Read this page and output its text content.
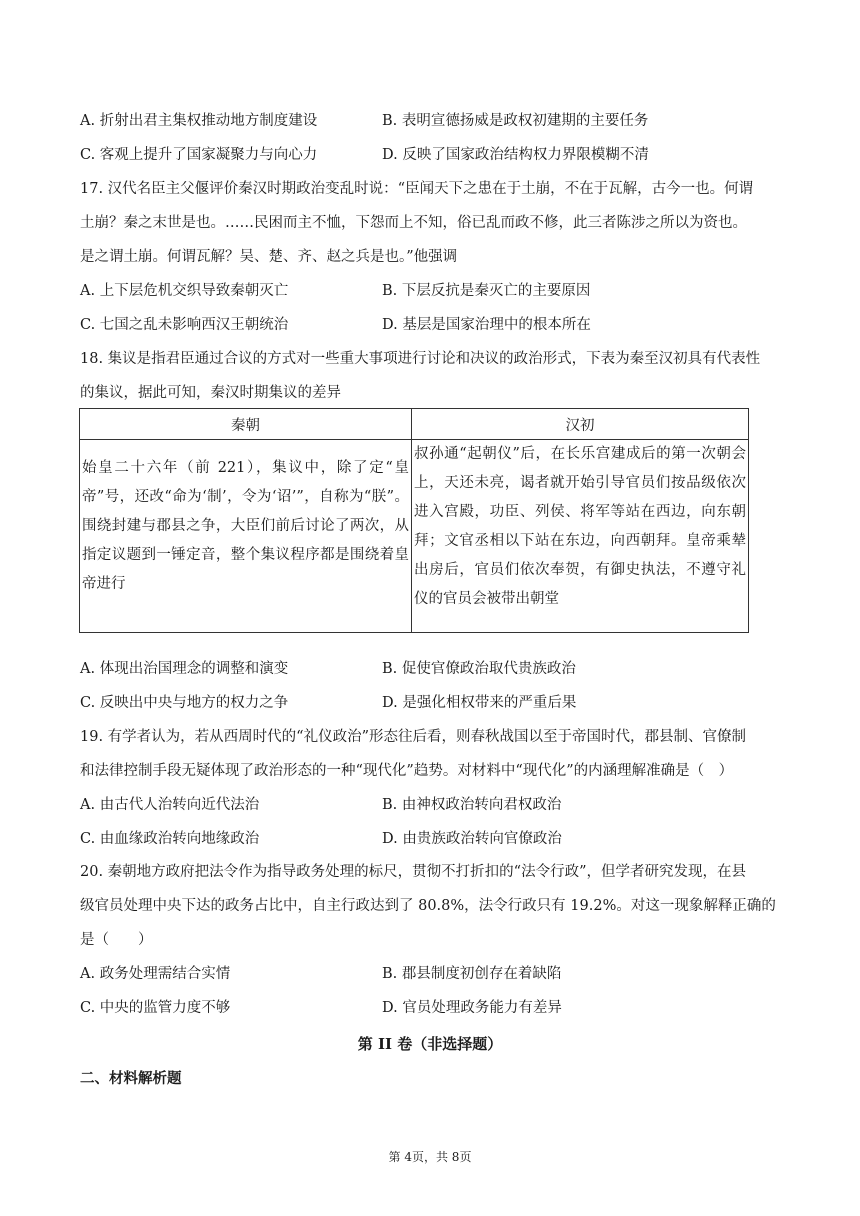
A. 折射出君主集权推动地方制度建设	B. 表明宣德扬威是政权初建期的主要任务
C. 客观上提升了国家凝聚力与向心力	D. 反映了国家政治结构权力界限模糊不清
17. 汉代名臣主父偃评价秦汉时期政治变乱时说：“臣闻天下之患在于土崩，不在于瓦解，古今一也。何谓
土崩？秦之末世是也。……民困而主不恤，下怨而上不知，俗已乱而政不修，此三者陈涉之所以为资也。
是之谓土崩。何谓瓦解？吴、楚、齐、赵之兵是也。”他强调
A. 上下层危机交织导致秦朝灭亡	B. 下层反抗是秦灭亡的主要原因
C. 七国之乱未影响西汉王朝统治	D. 基层是国家治理中的根本所在
18. 集议是指君臣通过合议的方式对一些重大事项进行讨论和决议的政治形式，下表为秦至汉初具有代表性
的集议，据此可知，秦汉时期集议的差异
秦朝	汉初
始皇二十六年（前 221），集议中，除了定“皇帝”号，还改“命为‘制’，令为‘诏’”，自称为“朕”。围绕封建与郡县之争，大臣们前后讨论了两次，从指定议题到一锤定音，整个集议程序都是围绕着皇帝进行	叔孙通“起朝仪”后，在长乐宫建成后的第一次朝会上，天还未亮，谒者就开始引导官员们按品级依次进入宫殿，功臣、列侯、将军等站在西边，向东朝拜；文官丞相以下站在东边，向西朝拜。皇帝乘辇出房后，官员们依次奉贺，有御史执法，不遵守礼仪的官员会被带出朝堂
A. 体现出治国理念的调整和演变	B. 促使官僚政治取代贵族政治
C. 反映出中央与地方的权力之争	D. 是强化相权带来的严重后果
19. 有学者认为，若从西周时代的“礼仪政治”形态往后看，则春秋战国以至于帝国时代，郡县制、官僚制
和法律控制手段无疑体现了政治形态的一种“现代化”趋势。对材料中“现代化”的内涵理解准确是（　）
A. 由古代人治转向近代法治	B. 由神权政治转向君权政治
C. 由血缘政治转向地缘政治	D. 由贵族政治转向官僚政治
20. 秦朝地方政府把法令作为指导政务处理的标尺，贯彻不打折扣的“法令行政”，但学者研究发现，在县
级官员处理中央下达的政务占比中，自主行政达到了 80.8%，法令行政只有 19.2%。对这一现象解释正确的
是（　　）
A. 政务处理需结合实情	B. 郡县制度初创存在着缺陷
C. 中央的监管力度不够	D. 官员处理政务能力有差异
第 II 卷（非选择题）
二、材料解析题
第 4页，共 8页
